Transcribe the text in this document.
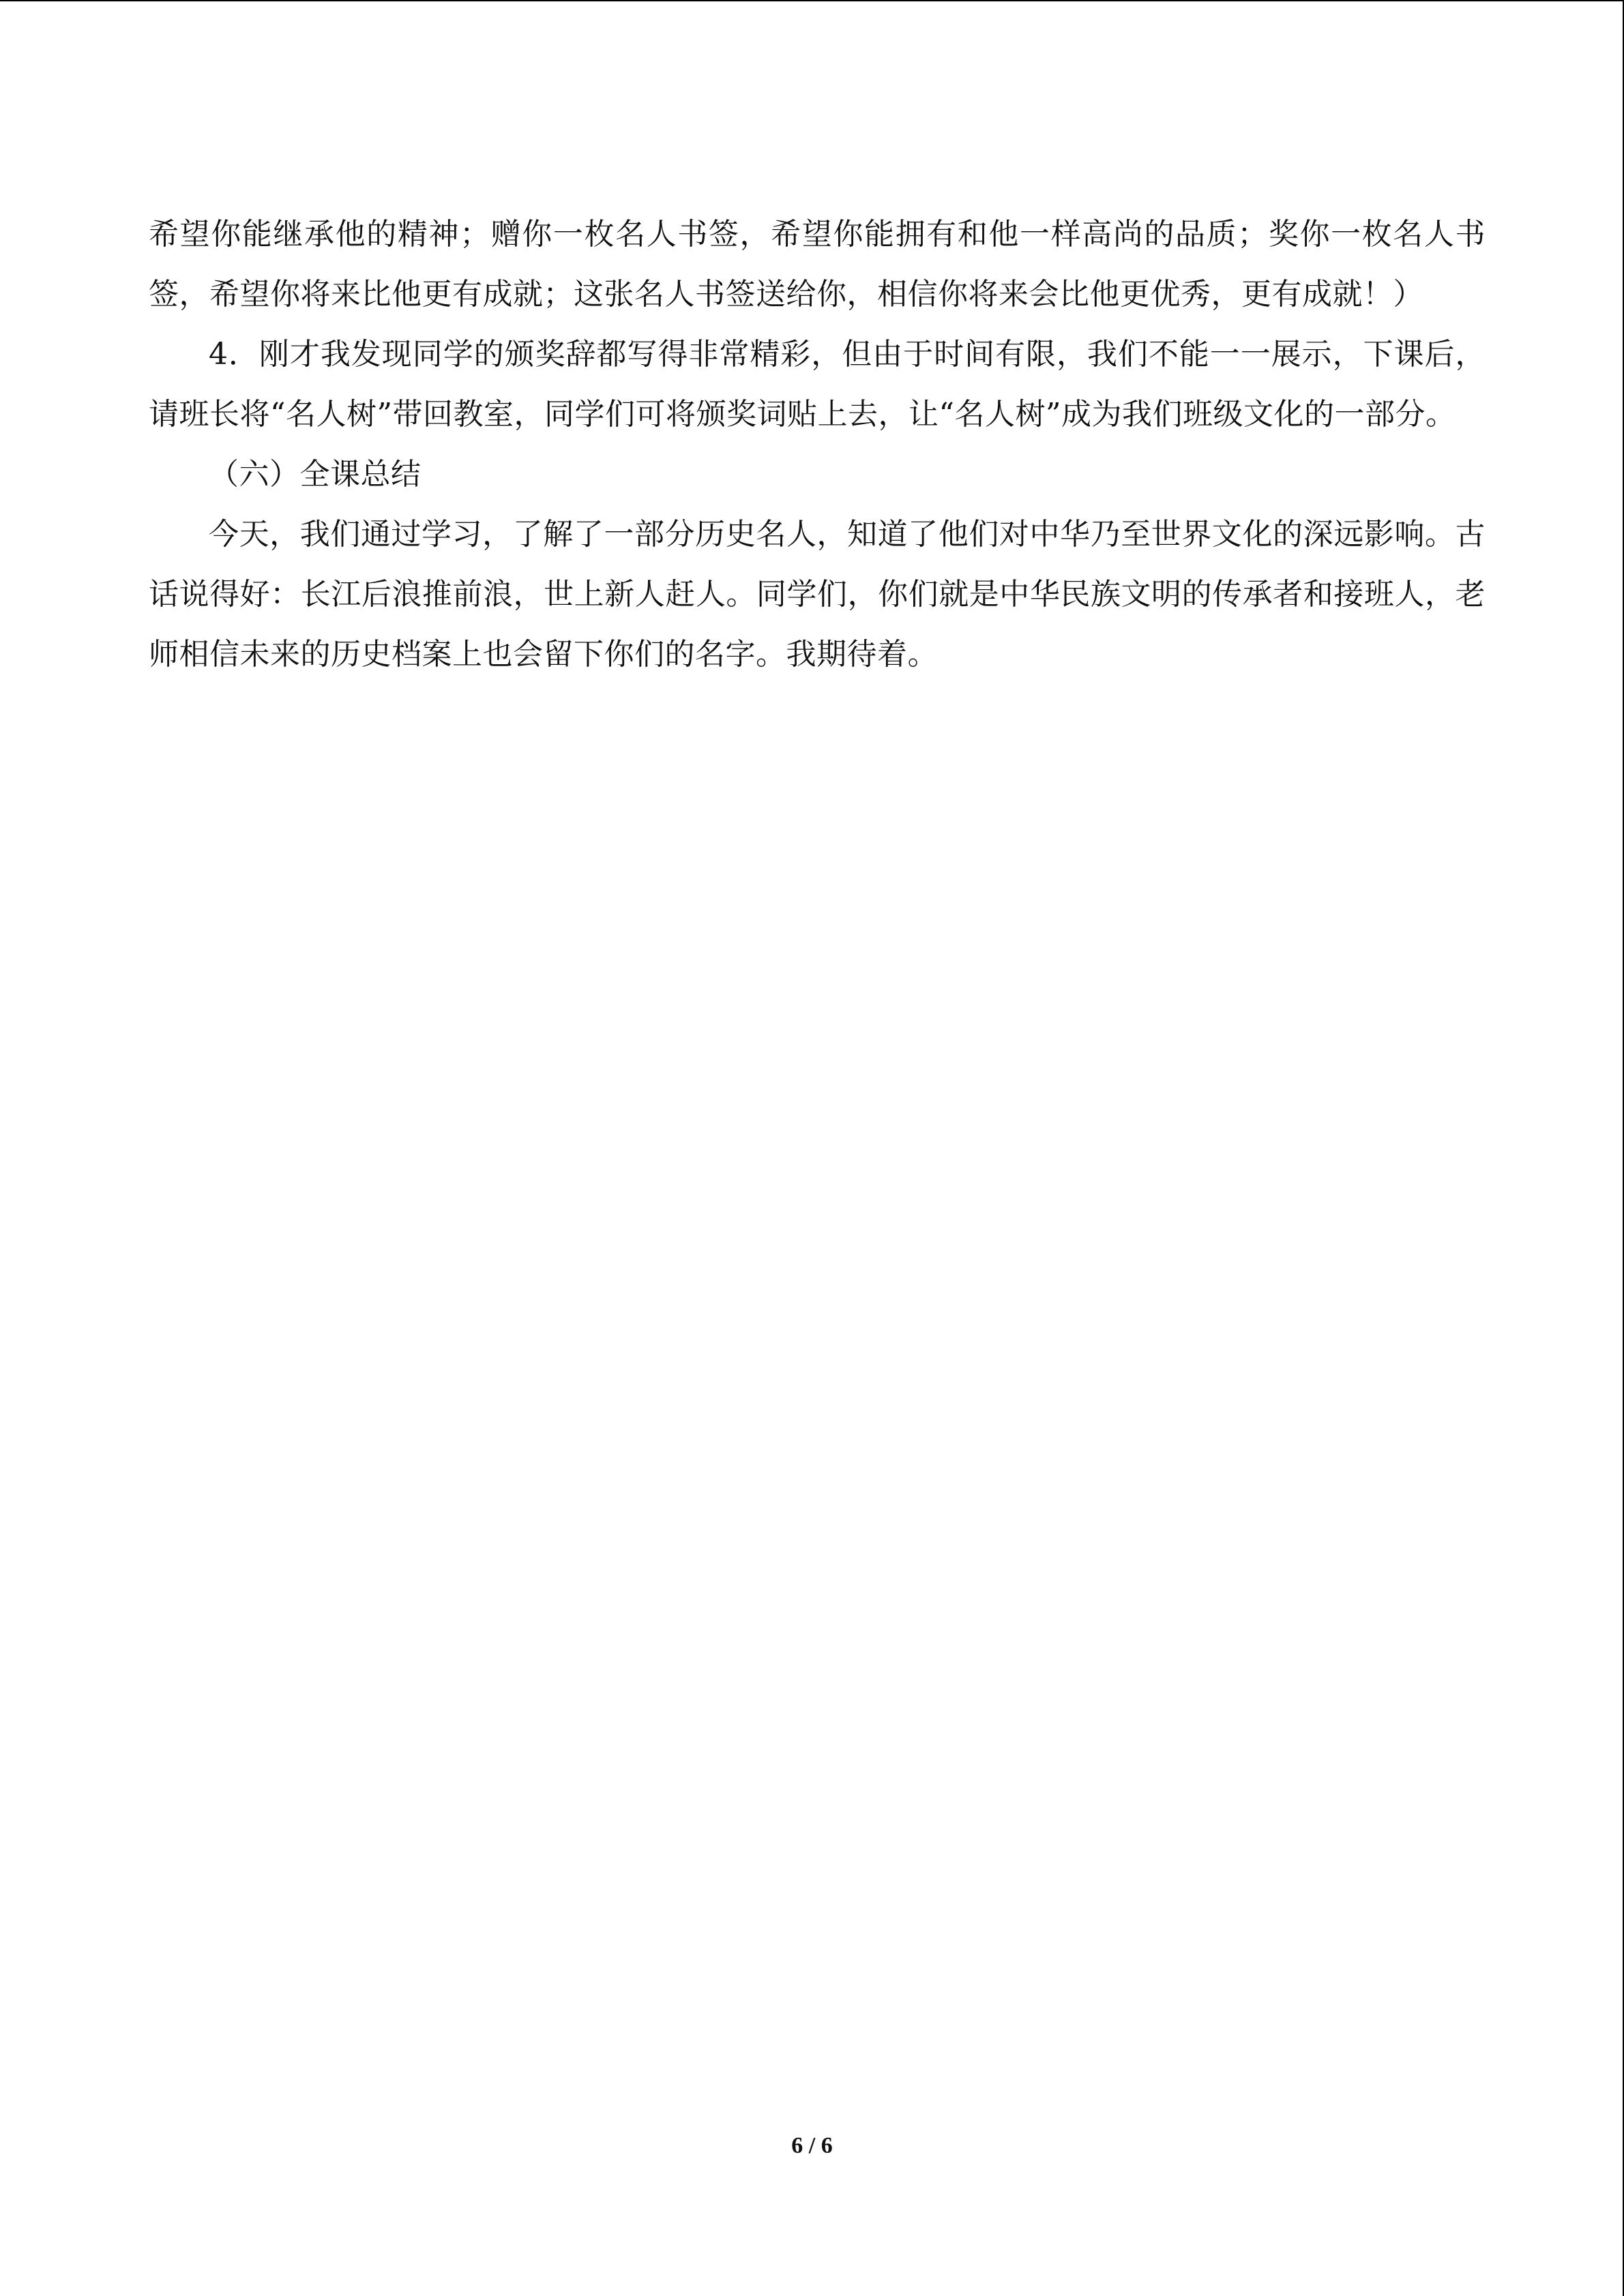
希望你能继承他的精神；赠你一枚名人书签，希望你能拥有和他一样高尚的品质；奖你一枚名人书签，希望你将来比他更有成就；这张名人书签送给你，相信你将来会比他更优秀，更有成就！）

4．刚才我发现同学的颁奖辞都写得非常精彩，但由于时间有限，我们不能一一展示，下课后，请班长将“名人树”带回教室，同学们可将颁奖词贴上去，让“名人树”成为我们班级文化的一部分。

（六）全课总结

今天，我们通过学习，了解了一部分历史名人，知道了他们对中华乃至世界文化的深远影响。古话说得好：长江后浪推前浪，世上新人赶人。同学们，你们就是中华民族文明的传承者和接班人，老师相信未来的历史档案上也会留下你们的名字。我期待着。

6 / 6
